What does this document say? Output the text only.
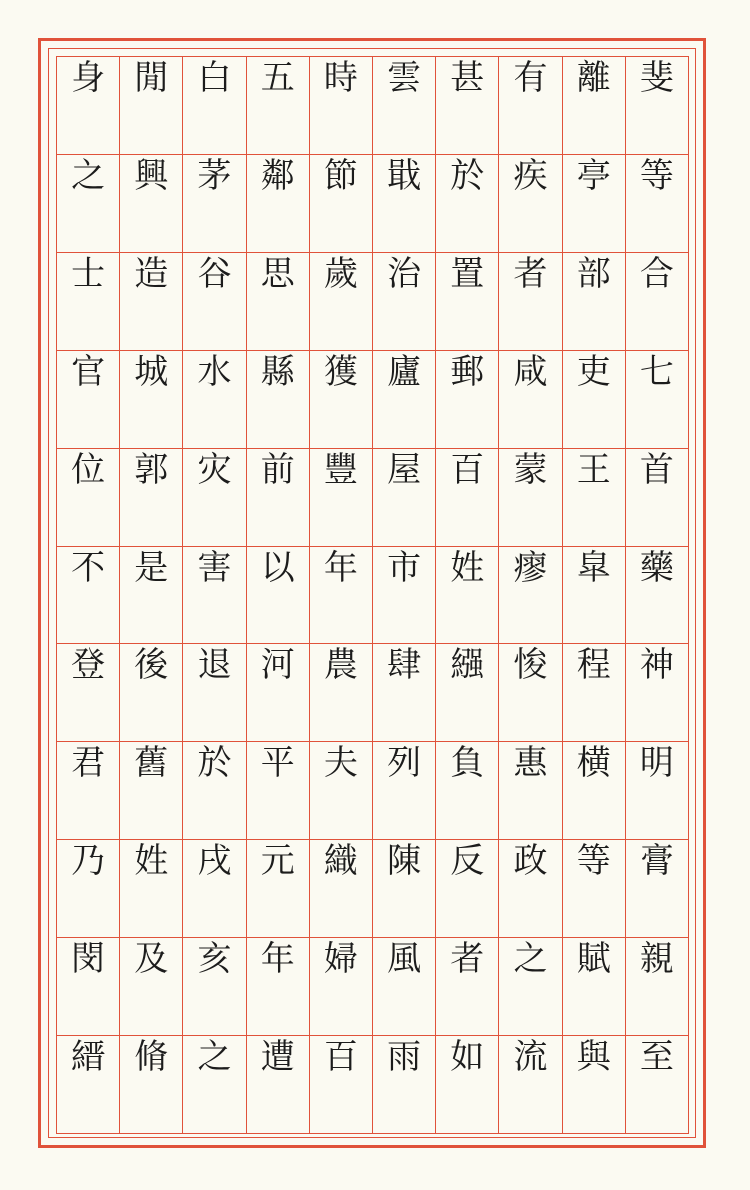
身
之
士
官
位
不
登
君
乃
閔
縉
閒
興
造
城
郭
是
後
舊
姓
及
脩
白
茅
谷
水
灾
害
退
於
戌
亥
之
五
鄰
思
縣
前
以
河
平
元
年
遭
時
節
歲
獲
豐
年
農
夫
織
婦
百
雲
戢
治
廬
屋
市
肆
列
陳
風
雨
甚
於
置
郵
百
姓
繦
負
反
者
如
有
疾
者
咸
蒙
瘳
悛
惠
政
之
流
離
亭
部
吏
王
皐
程
横
等
賦
與
斐
等
合
七
首
藥
神
明
膏
親
至
